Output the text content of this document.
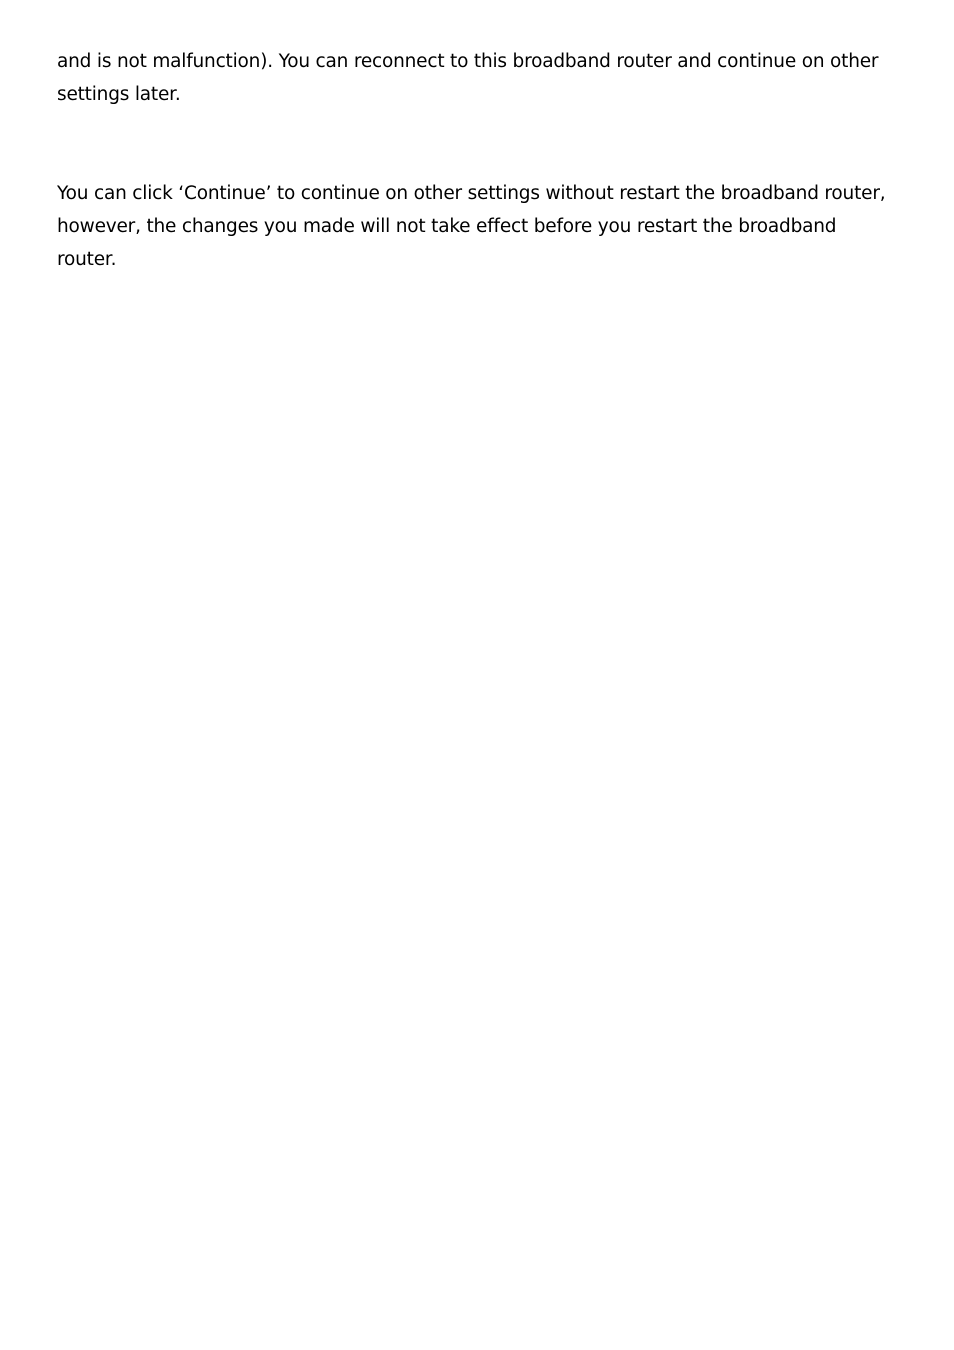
and is not malfunction). You can reconnect to this broadband router and continue on other
settings later.

You can click ‘Continue’ to continue on other settings without restart the broadband router,
however, the changes you made will not take effect before you restart the broadband
router.
